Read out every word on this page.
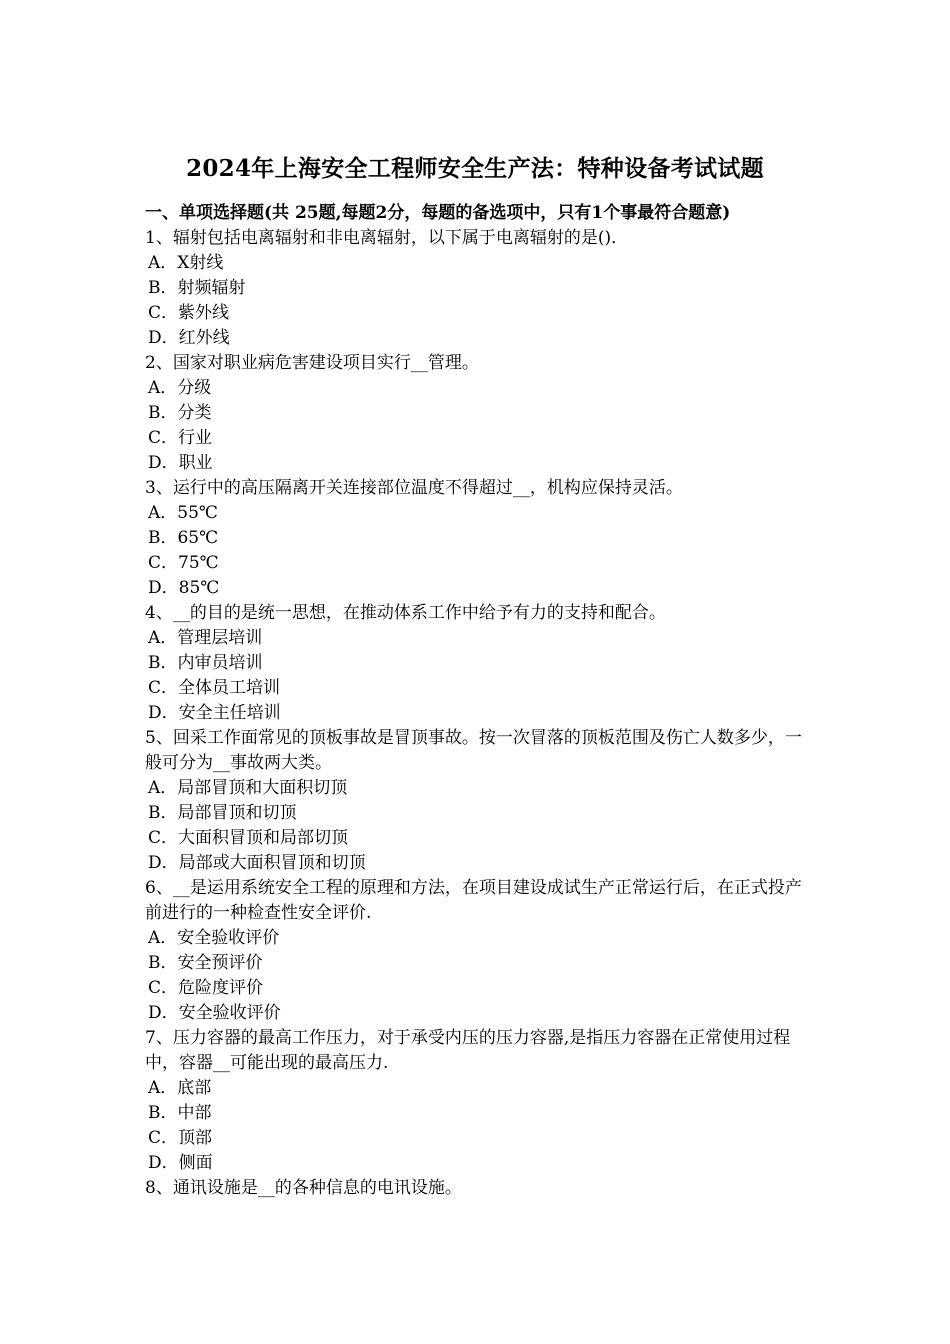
2024年上海安全工程师安全生产法：特种设备考试试题
一、单项选择题(共 25题,每题2分，每题的备选项中，只有1个事最符合题意)
1、辐射包括电离辐射和非电离辐射，以下属于电离辐射的是()．
A．X射线
B．射频辐射
C．紫外线
D．红外线
2、国家对职业病危害建设项目实行__管理。
A．分级
B．分类
C．行业
D．职业
3、运行中的高压隔离开关连接部位温度不得超过__，机构应保持灵活。
A．55℃
B．65℃
C．75℃
D．85℃
4、__的目的是统一思想，在推动体系工作中给予有力的支持和配合。
A．管理层培训
B．内审员培训
C．全体员工培训
D．安全主任培训
5、回采工作面常见的顶板事故是冒顶事故。按一次冒落的顶板范围及伤亡人数多少，一般可分为__事故两大类。
A．局部冒顶和大面积切顶
B．局部冒顶和切顶
C．大面积冒顶和局部切顶
D．局部或大面积冒顶和切顶
6、__是运用系统安全工程的原理和方法，在项目建设成试生产正常运行后，在正式投产前进行的一种检查性安全评价.
A．安全验收评价
B．安全预评价
C．危险度评价
D．安全验收评价
7、压力容器的最高工作压力，对于承受内压的压力容器,是指压力容器在正常使用过程中，容器__可能出现的最高压力.
A．底部
B．中部
C．顶部
D．侧面
8、通讯设施是__的各种信息的电讯设施。
